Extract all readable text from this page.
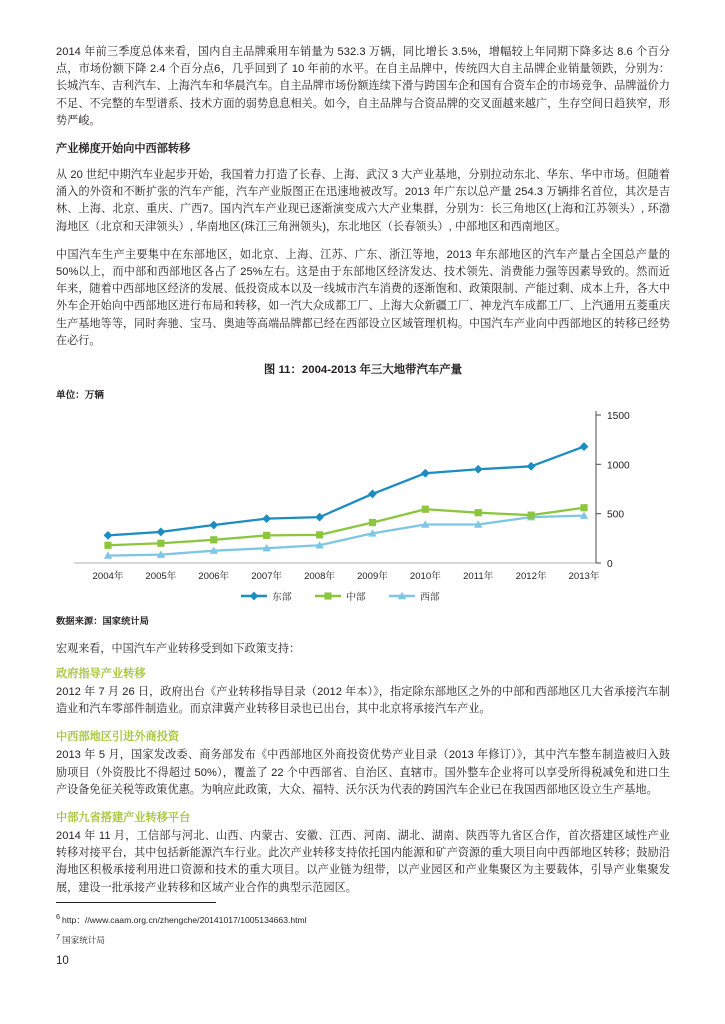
2014 年前三季度总体来看，国内自主品牌乘用车销量为 532.3 万辆，同比增长 3.5%，增幅较上年同期下降多达 8.6 个百分点，市场份额下降 2.4 个百分点6，几乎回到了 10 年前的水平。在自主品牌中，传统四大自主品牌企业销量领跌，分别为：长城汽车、吉利汽车、上海汽车和华晨汽车。自主品牌市场份额连续下滑与跨国车企和国有合资车企的市场竞争、品牌溢价力不足、不完整的车型谱系、技术方面的弱势息息相关。如今，自主品牌与合资品牌的交叉面越来越广，生存空间日趋狭窄，形势严峻。

产业梯度开始向中西部转移

从 20 世纪中期汽车业起步开始，我国着力打造了长春、上海、武汉 3 大产业基地，分别拉动东北、华东、华中市场。但随着涌入的外资和不断扩张的汽车产能，汽车产业版图正在迅速地被改写。2013 年广东以总产量 254.3 万辆排名首位，其次是吉林、上海、北京、重庆、广西7。国内汽车产业现已逐渐演变成六大产业集群，分别为：长三角地区(上海和江苏领头）, 环渤海地区（北京和天津领头）, 华南地区(珠江三角洲领头)，东北地区（长春领头）, 中部地区和西南地区。

中国汽车生产主要集中在东部地区，如北京、上海、江苏、广东、浙江等地，2013 年东部地区的汽车产量占全国总产量的 50%以上，而中部和西部地区各占了 25%左右。这是由于东部地区经济发达、技术领先、消费能力强等因素导致的。然而近年来，随着中西部地区经济的发展、低投资成本以及一线城市汽车消费的逐渐饱和、政策限制、产能过剩、成本上升，各大中外车企开始向中西部地区进行布局和转移，如一汽大众成都工厂、上海大众新疆工厂、神龙汽车成都工厂、上汽通用五菱重庆生产基地等等，同时奔驰、宝马、奥迪等高端品牌都已经在西部设立区域管理机构。中国汽车产业向中西部地区的转移已经势在必行。

图 11：2004-2013 年三大地带汽车产量
单位：万辆
0
500
1000
1500
2004年 2005年 2006年 2007年 2008年 2009年 2010年 2011年 2012年 2013年
东部	中部	西部
数据来源：国家统计局

宏观来看，中国汽车产业转移受到如下政策支持：

政府指导产业转移

2012 年 7 月 26 日，政府出台《产业转移指导目录（2012 年本）》，指定除东部地区之外的中部和西部地区几大省承接汽车制造业和汽车零部件制造业。而京津冀产业转移目录也已出台，其中北京将承接汽车产业。

中西部地区引进外商投资

2013 年 5 月，国家发改委、商务部发布《中西部地区外商投资优势产业目录（2013 年修订）》，其中汽车整车制造被归入鼓励项目（外资股比不得超过 50%），覆盖了 22 个中西部省、自治区、直辖市。国外整车企业将可以享受所得税减免和进口生产设备免征关税等政策优惠。为响应此政策，大众、福特、沃尔沃为代表的跨国汽车企业已在我国西部地区设立生产基地。

中部九省搭建产业转移平台

2014 年 11 月，工信部与河北、山西、内蒙古、安徽、江西、河南、湖北、湖南、陕西等九省区合作，首次搭建区域性产业转移对接平台，其中包括新能源汽车行业。此次产业转移支持依托国内能源和矿产资源的重大项目向中西部地区转移；鼓励沿海地区积极承接利用进口资源和技术的重大项目。以产业链为纽带，以产业园区和产业集聚区为主要载体，引导产业集聚发展，建设一批承接产业转移和区域产业合作的典型示范园区。

$^6$ http：//www.caam.org.cn/zhengche/20141017/1005134663.html
$^7$ 国家统计局
10
